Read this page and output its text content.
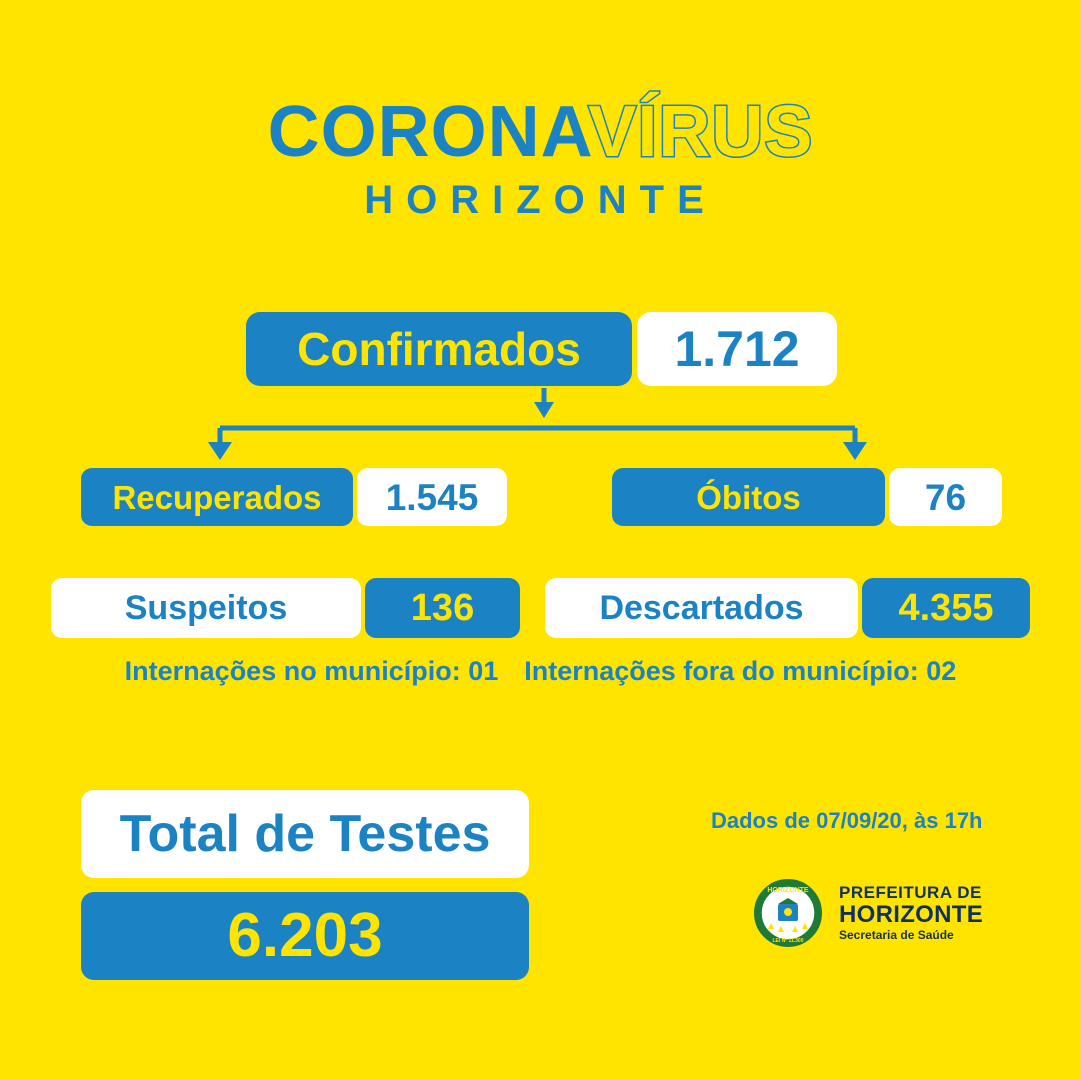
CORONAVÍRUS
HORIZONTE
Confirmados	1.712
Recuperados	1.545	Óbitos	76
Suspeitos	136	Descartados	4.355
Internações no município: 01 Internações fora do município: 02
Total de Testes
6.203
Dados de 07/09/20, às 17h
HORIZONTE
LEI Nº 11.300
PREFEITURA DE
HORIZONTE
Secretaria de Saúde
